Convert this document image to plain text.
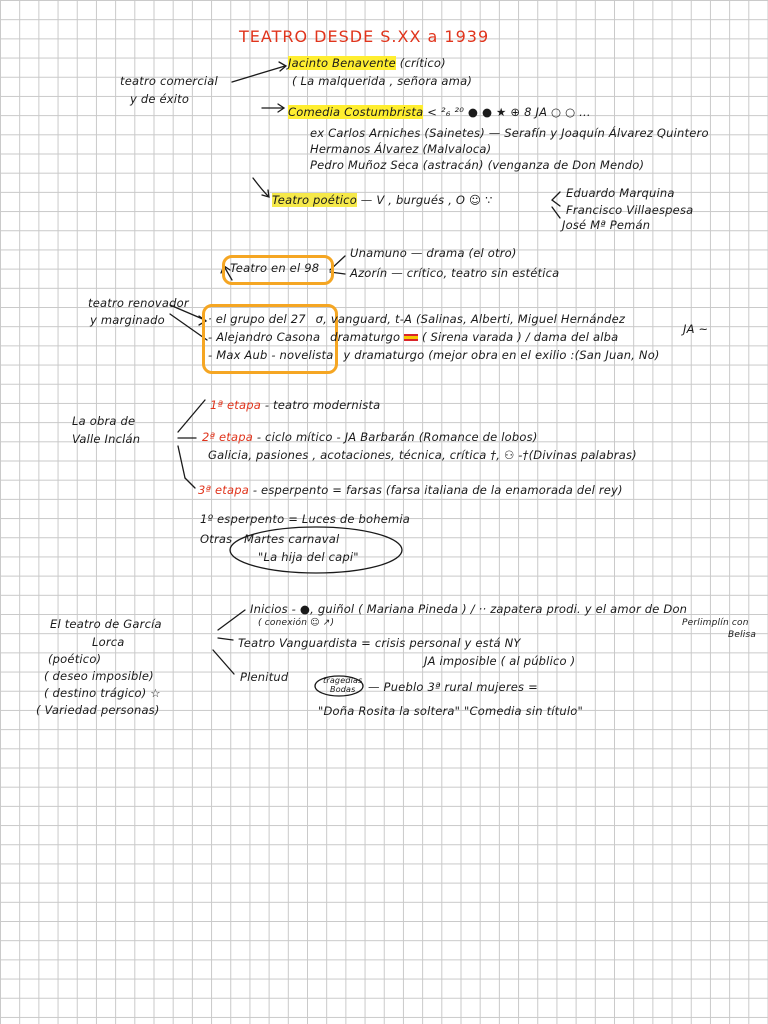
TEATRO DESDE S.XX a 1939
teatro comercial
y de éxito
Jacinto Benavente (crítico)
( La malquerida , señora ama)
Comedia Costumbrista < ²₆ ²⁰ ● ● ★ ⊕ 8 JA ○ ○ ...
ex Carlos Arniches (Sainetes) — Serafín y Joaquín Álvarez Quintero
Hermanos Álvarez (Malvaloca)
Pedro Muñoz Seca (astracán) (venganza de Don Mendo)
Teatro poético — V , burgués , O ☺ ∵	Eduardo Marquina
Francisco Villaespesa
José Mª Pemán
Teatro en el 98
Unamuno — drama (el otro)
Azorín — crítico, teatro sin estética
teatro renovador
y marginado	· el grupo del 27 σ, vanguard, t-A (Salinas, Alberti, Miguel Hernández
- Alejandro Casona dramaturgo ( Sirena varada ) / dama del alba
JA ~
- Max Aub - novelista y dramaturgo (mejor obra en el exilio :(San Juan, No)
La obra de
Valle Inclán
1ª etapa - teatro modernista
2ª etapa - ciclo mítico - JA Barbarán (Romance de lobos)
Galicia, pasiones , acotaciones, técnica, crítica †, ⚇ -†(Divinas palabras)
3ª etapa - esperpento = farsas (farsa italiana de la enamorada del rey)
1º esperpento = Luces de bohemia
Otras Martes carnaval
"La hija del capi"
El teatro de García
Lorca
(poético)
( deseo imposible)
( destino trágico) ☆
( Variedad personas)
Inicios - ●, guiñol ( Mariana Pineda ) / ·· zapatera prodi. y el amor de Don
( conexión ☺ ↗)	Perlimplín con
Belisa
Teatro Vanguardista = crisis personal y está NY
JA imposible ( al público )
Plenitud	tragedias
Bodas — Pueblo 3ª rural mujeres =
"Doña Rosita la soltera" "Comedia sin título"
